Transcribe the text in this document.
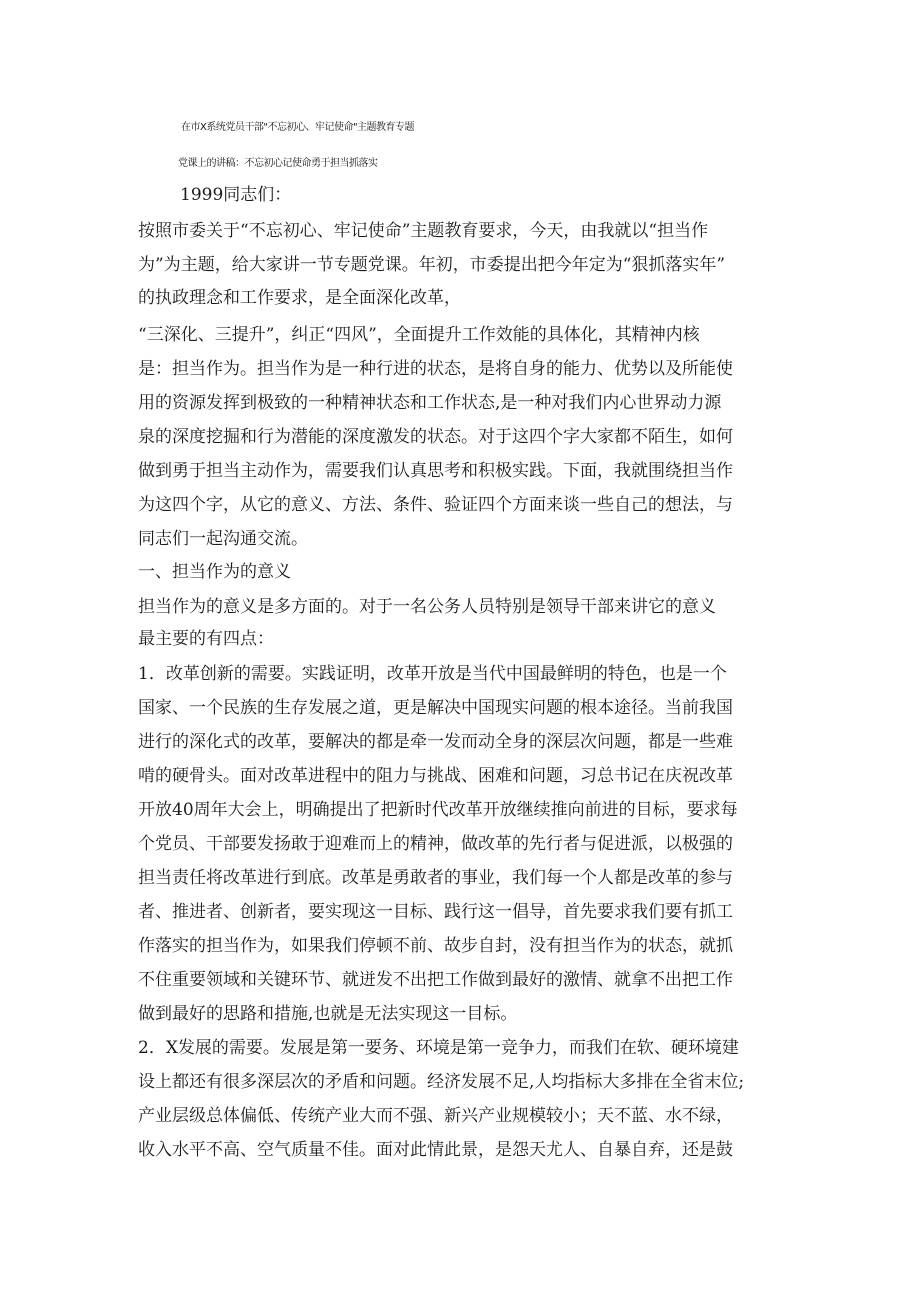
在市X系统党员干部"不忘初心、牢记使命"主题教育专题
党课上的讲稿：不忘初心记使命勇于担当抓落实
1999同志们：
按照市委关于“不忘初心、牢记使命”主题教育要求，今天，由我就以“担当作
为”为主题，给大家讲一节专题党课。年初，市委提出把今年定为“狠抓落实年”
的执政理念和工作要求，是全面深化改革，
“三深化、三提升”，纠正“四风”，全面提升工作效能的具体化，其精神内核
是：担当作为。担当作为是一种行进的状态，是将自身的能力、优势以及所能使
用的资源发挥到极致的一种精神状态和工作状态,是一种对我们内心世界动力源
泉的深度挖掘和行为潜能的深度激发的状态。对于这四个字大家都不陌生，如何
做到勇于担当主动作为，需要我们认真思考和积极实践。下面，我就围绕担当作
为这四个字，从它的意义、方法、条件、验证四个方面来谈一些自己的想法，与
同志们一起沟通交流。
一、担当作为的意义
担当作为的意义是多方面的。对于一名公务人员特别是领导干部来讲它的意义
最主要的有四点：
1．改革创新的需要。实践证明，改革开放是当代中国最鲜明的特色，也是一个
国家、一个民族的生存发展之道，更是解决中国现实问题的根本途径。当前我国
进行的深化式的改革，要解决的都是牵一发而动全身的深层次问题，都是一些难
啃的硬骨头。面对改革进程中的阻力与挑战、困难和问题，习总书记在庆祝改革
开放40周年大会上，明确提出了把新时代改革开放继续推向前进的目标，要求每
个党员、干部要发扬敢于迎难而上的精神，做改革的先行者与促进派，以极强的
担当责任将改革进行到底。改革是勇敢者的事业，我们每一个人都是改革的参与
者、推进者、创新者，要实现这一目标、践行这一倡导，首先要求我们要有抓工
作落实的担当作为，如果我们停顿不前、故步自封，没有担当作为的状态，就抓
不住重要领域和关键环节、就迸发不出把工作做到最好的激情、就拿不出把工作
做到最好的思路和措施,也就是无法实现这一目标。
2．X发展的需要。发展是第一要务、环境是第一竞争力，而我们在软、硬环境建
设上都还有很多深层次的矛盾和问题。经济发展不足,人均指标大多排在全省末位;
产业层级总体偏低、传统产业大而不强、新兴产业规模较小；天不蓝、水不绿，
收入水平不高、空气质量不佳。面对此情此景，是怨天尤人、自暴自弃，还是鼓
